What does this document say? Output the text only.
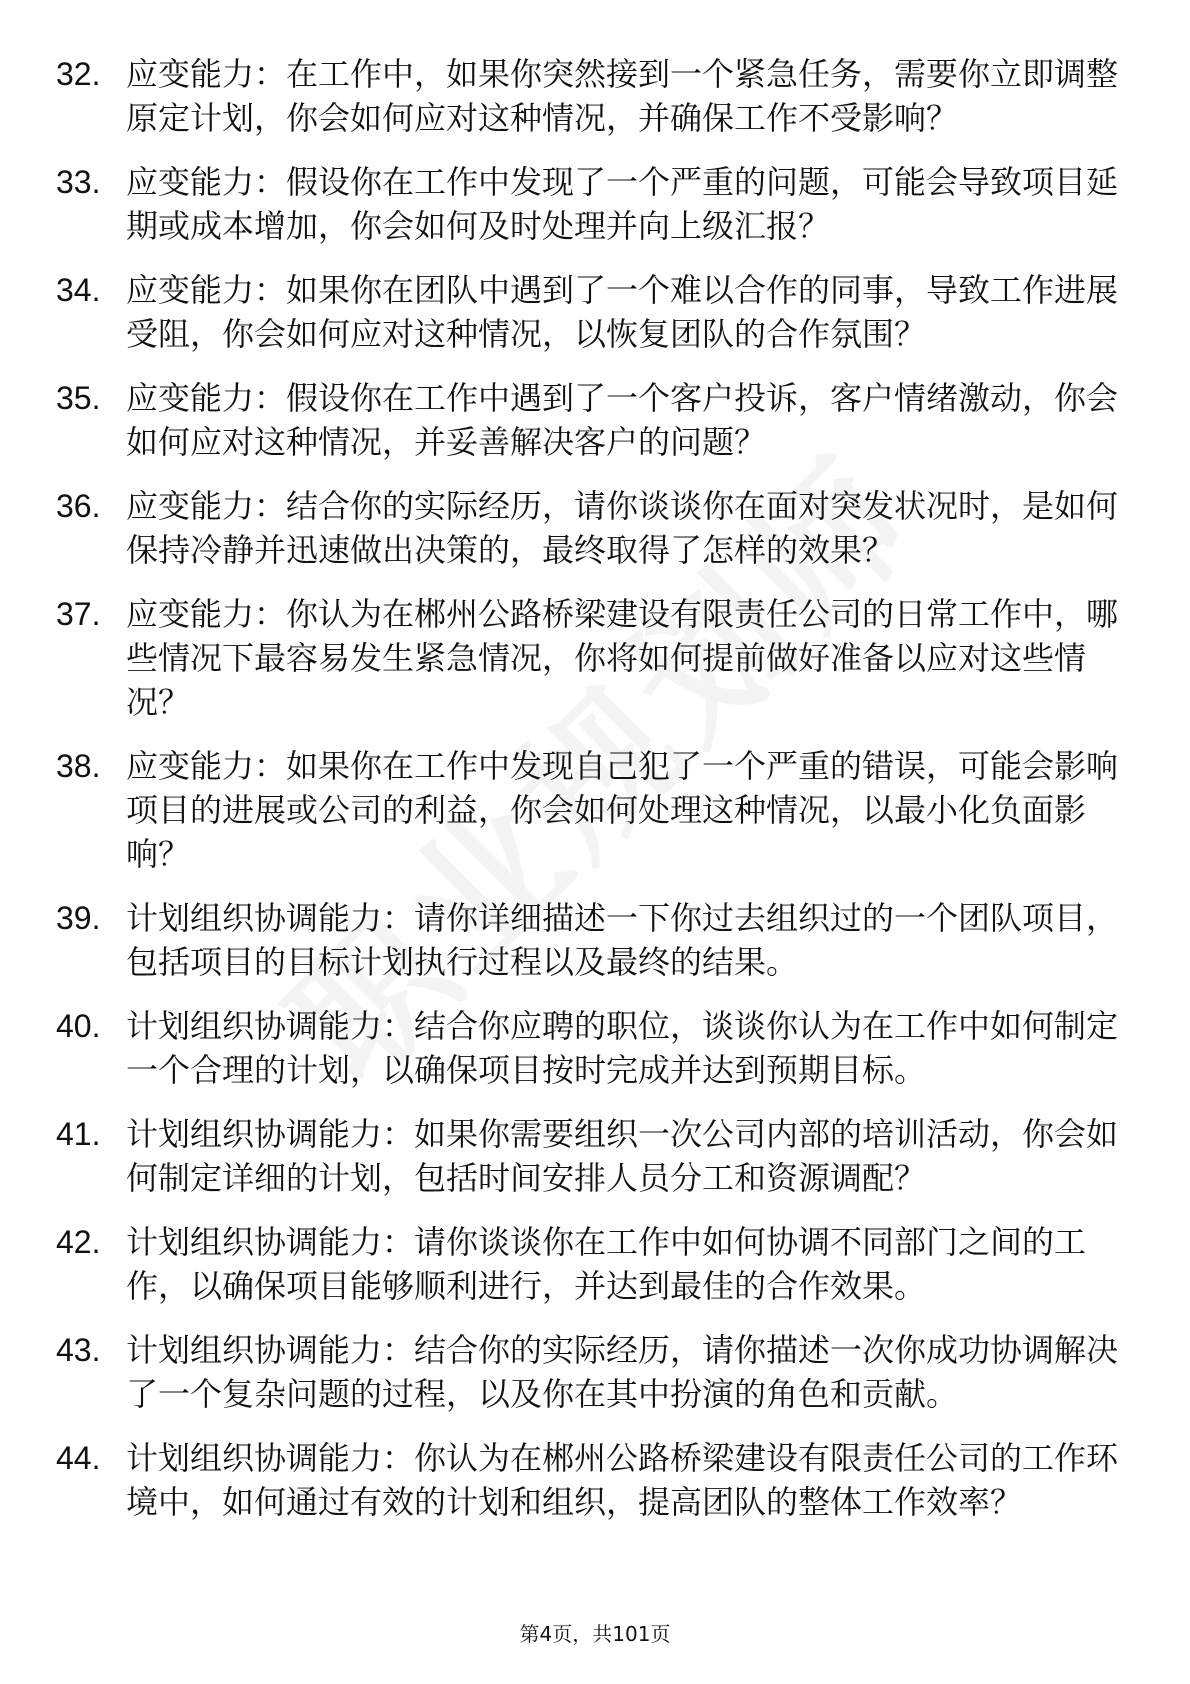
32. 应变能力：在工作中，如果你突然接到一个紧急任务，需要你立即调整原定计划，你会如何应对这种情况，并确保工作不受影响？
33. 应变能力：假设你在工作中发现了一个严重的问题，可能会导致项目延期或成本增加，你会如何及时处理并向上级汇报？
34. 应变能力：如果你在团队中遇到了一个难以合作的同事，导致工作进展受阻，你会如何应对这种情况，以恢复团队的合作氛围？
35. 应变能力：假设你在工作中遇到了一个客户投诉，客户情绪激动，你会如何应对这种情况，并妥善解决客户的问题？
36. 应变能力：结合你的实际经历，请你谈谈你在面对突发状况时，是如何保持冷静并迅速做出决策的，最终取得了怎样的效果？
37. 应变能力：你认为在郴州公路桥梁建设有限责任公司的日常工作中，哪些情况下最容易发生紧急情况，你将如何提前做好准备以应对这些情况？
38. 应变能力：如果你在工作中发现自己犯了一个严重的错误，可能会影响项目的进展或公司的利益，你会如何处理这种情况，以最小化负面影响？
39. 计划组织协调能力：请你详细描述一下你过去组织过的一个团队项目，包括项目的目标计划执行过程以及最终的结果。
40. 计划组织协调能力：结合你应聘的职位，谈谈你认为在工作中如何制定一个合理的计划，以确保项目按时完成并达到预期目标。
41. 计划组织协调能力：如果你需要组织一次公司内部的培训活动，你会如何制定详细的计划，包括时间安排人员分工和资源调配？
42. 计划组织协调能力：请你谈谈你在工作中如何协调不同部门之间的工作，以确保项目能够顺利进行，并达到最佳的合作效果。
43. 计划组织协调能力：结合你的实际经历，请你描述一次你成功协调解决了一个复杂问题的过程，以及你在其中扮演的角色和贡献。
44. 计划组织协调能力：你认为在郴州公路桥梁建设有限责任公司的工作环境中，如何通过有效的计划和组织，提高团队的整体工作效率？
第4页，共101页
